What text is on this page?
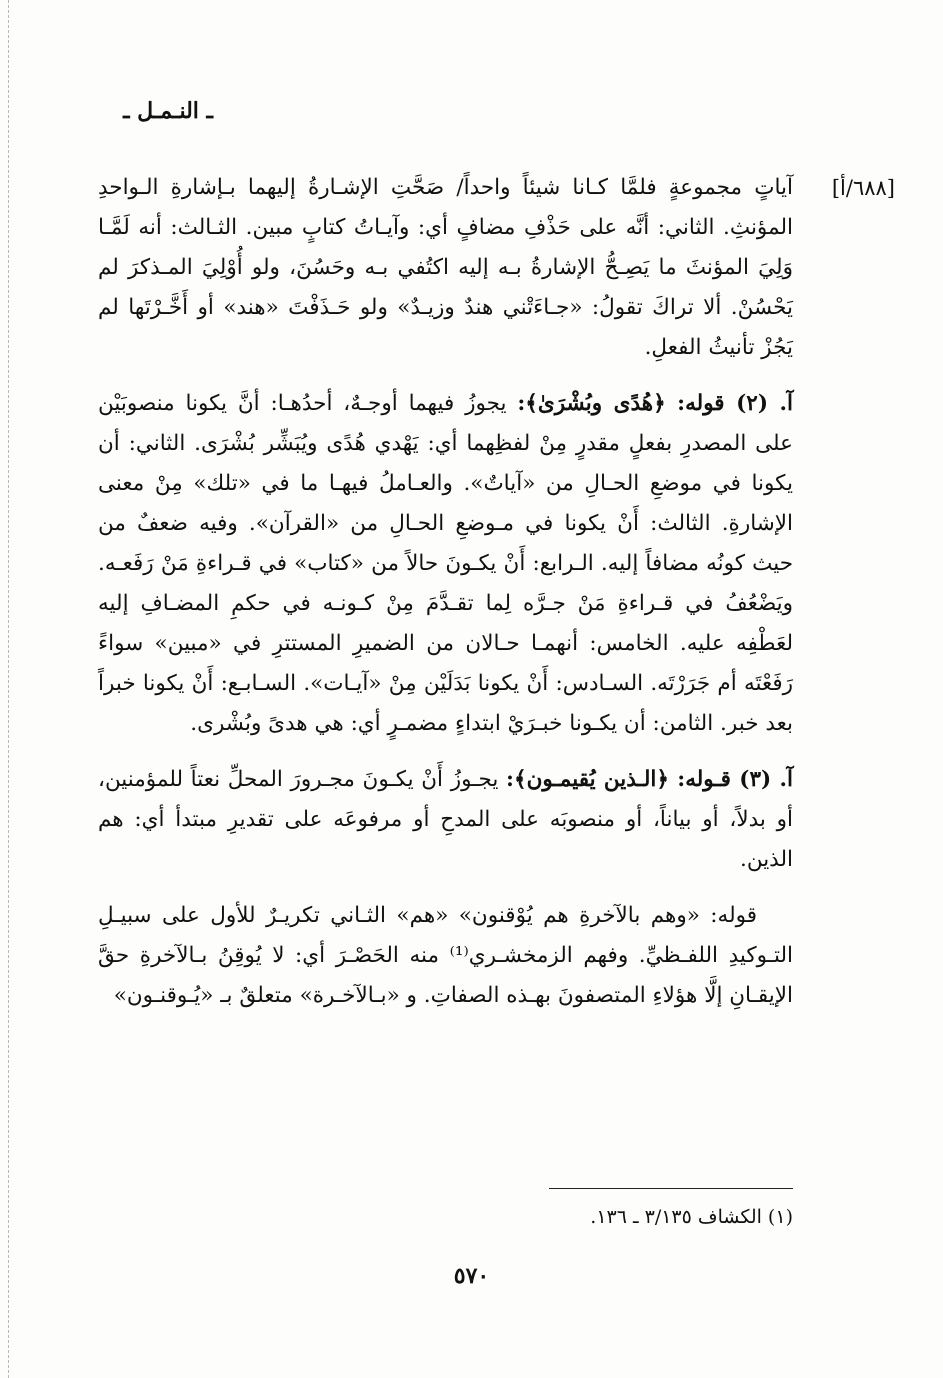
ـ النـمـل ـ
[٦٨٨/أ]

آياتٍ مجموعةٍ فلمَّا كـانا شيئاً واحداً/ صَحَّتِ الإشـارةُ إليهما بـإشارةِ الـواحدِ المؤنثِ. الثاني: أنَّه على حَذْفِ مضافٍ أي: وآيـاتُ كتابٍ مبين. الثـالث: أنه لَمَّـا وَلِيَ المؤنثَ ما يَصِـحُّ الإشارةُ بـه إليه اكتُفي بـه وحَسُنَ، ولو أُوْلِيَ المـذكرَ لم يَحْسُنْ. ألا تراكَ تقولُ: «جـاءَتْني هندٌ وزيـدٌ» ولو حَـذَفْتَ «هند» أو أَخَّـرْتَها لم يَجُزْ تأنيثُ الفعلِ.

آ. (٢) قوله: ﴿هُدًى وبُشْرَىٰ﴾: يجوزُ فيهما أوجـهٌ، أحدُهـا: أنَّ يكونا منصوبَيْن على المصدرِ بفعلٍ مقدرٍ مِنْ لفظِهما أي: يَهْدي هُدًى ويُبَشِّر بُشْرَى. الثاني: أن يكونا في موضعِ الحـالِ من «آياتٌ». والعـاملُ فيهـا ما في «تلك» مِنْ معنى الإشارةِ. الثالث: أَنْ يكونا في مـوضعِ الحـالِ من «القرآن». وفيه ضعفٌ من حيث كونُه مضافاً إليه. الـرابع: أَنْ يكـونَ حالاً من «كتاب» في قـراءةِ مَنْ رَفَعـه. ويَضْعُفُ في قـراءةِ مَنْ جـرَّه لِما تقـدَّمَ مِنْ كـونـه في حكمِ المضـافِ إليه لعَطْفِه عليه. الخامس: أنهمـا حـالان من الضميرِ المستترِ في «مبين» سواءً رَفَعْتَه أم جَرَرْتَه. السـادس: أَنْ يكونا بَدَلَيْن مِنْ «آيـات». السـابـع: أَنْ يكونا خبراً بعد خبر. الثامن: أن يكـونا خبـرَيْ ابتداءٍ مضمـرٍ أي: هي هدىً وبُشْرى.

آ. (٣) قـوله: ﴿الـذين يُقيمـون﴾: يجـوزُ أَنْ يكـونَ مجـرورَ المحلِّ نعتاً للمؤمنين، أو بدلاً، أو بياناً، أو منصوبَه على المدحِ أو مرفوعَه على تقديرِ مبتدأ أي: هم الذين.

قوله: «وهم بالآخرةِ هم يُوْقنون» «هم» الثـاني تكريـرٌ للأول على سبيـلِ التـوكيدِ اللفـظيِّ. وفهم الزمخشـري⁽¹⁾ منه الحَصْـرَ أي: لا يُوقِنُ بـالآخرةِ حقَّ الإيقـانِ إلَّا هؤلاءِ المتصفونَ بهـذه الصفاتِ. و «بـالآخـرة» متعلقٌ بـ «يُـوقنـون»

(١) الكشاف ٣/١٣٥ ـ ١٣٦.
٥٧٠
